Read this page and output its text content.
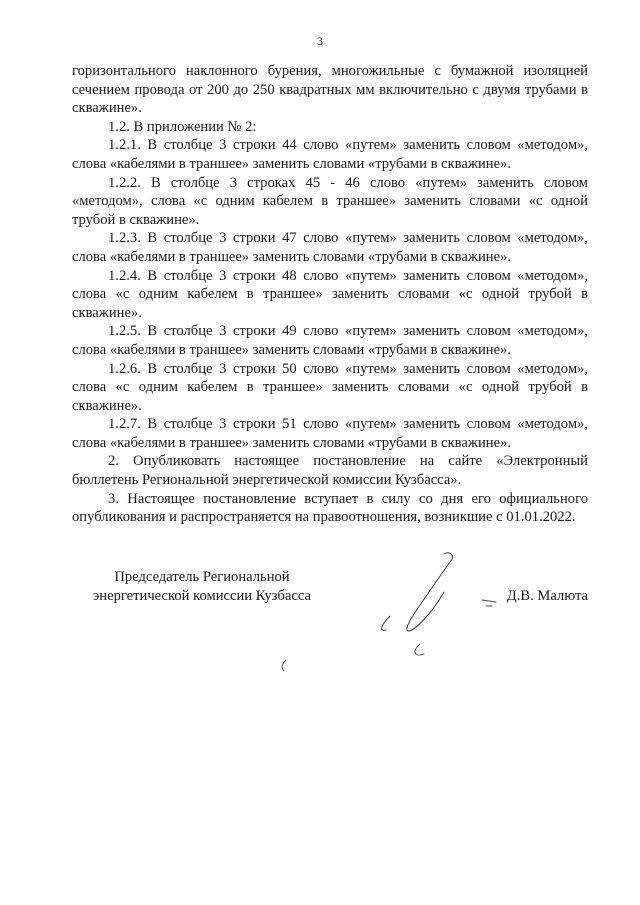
3

горизонтального наклонного бурения, многожильные с бумажной изоляцией сечением провода от 200 до 250 квадратных мм включительно с двумя трубами в скважине».

1.2. В приложении № 2:

1.2.1. В столбце 3 строки 44 слово «путем» заменить словом «методом», слова «кабелями в траншее» заменить словами «трубами в скважине».

1.2.2. В столбце 3 строках 45 - 46 слово «путем» заменить словом «методом», слова «с одним кабелем в траншее» заменить словами «с одной трубой в скважине».

1.2.3. В столбце 3 строки 47 слово «путем» заменить словом «методом», слова «кабелями в траншее» заменить словами «трубами в скважине».

1.2.4. В столбце 3 строки 48 слово «путем» заменить словом «методом», слова «с одним кабелем в траншее» заменить словами «с одной трубой в скважине».

1.2.5. В столбце 3 строки 49 слово «путем» заменить словом «методом», слова «кабелями в траншее» заменить словами «трубами в скважине».

1.2.6. В столбце 3 строки 50 слово «путем» заменить словом «методом», слова «с одним кабелем в траншее» заменить словами «с одной трубой в скважине».

1.2.7. В столбце 3 строки 51 слово «путем» заменить словом «методом», слова «кабелями в траншее» заменить словами «трубами в скважине».

2. Опубликовать настоящее постановление на сайте «Электронный бюллетень Региональной энергетической комиссии Кузбасса».

3. Настоящее постановление вступает в силу со дня его официального опубликования и распространяется на правоотношения, возникшие с 01.01.2022.

Председатель Региональной
энергетической комиссии Кузбасса	Д.В. Малюта
